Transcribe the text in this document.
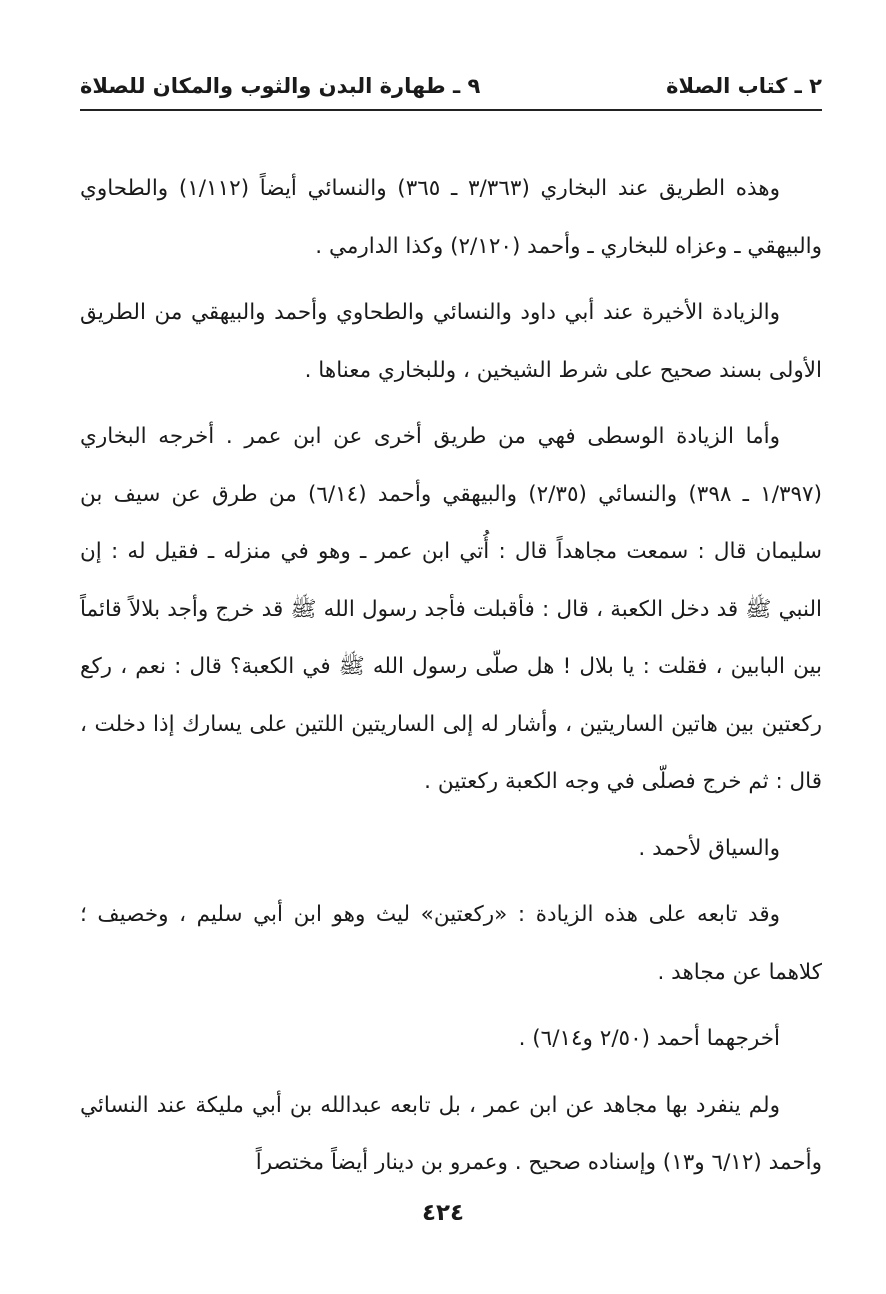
٢ ـ كتاب الصلاة
٩ ـ طهارة البدن والثوب والمكان للصلاة

وهذه الطريق عند البخاري (٣/٣٦٣ ـ ٣٦٥) والنسائي أيضاً (١/١١٢) والطحاوي والبيهقي ـ وعزاه للبخاري ـ وأحمد (٢/١٢٠) وكذا الدارمي .

والزيادة الأخيرة عند أبي داود والنسائي والطحاوي وأحمد والبيهقي من الطريق الأولى بسند صحيح على شرط الشيخين ، وللبخاري معناها .

وأما الزيادة الوسطى فهي من طريق أخرى عن ابن عمر . أخرجه البخاري (١/٣٩٧ ـ ٣٩٨) والنسائي (٢/٣٥) والبيهقي وأحمد (٦/١٤) من طرق عن سيف بن سليمان قال : سمعت مجاهداً قال : أُتي ابن عمر ـ وهو في منزله ـ فقيل له : إن النبي ﷺ قد دخل الكعبة ، قال : فأقبلت فأجد رسول الله ﷺ قد خرج وأجد بلالاً قائماً بين البابين ، فقلت : يا بلال ! هل صلّى رسول الله ﷺ في الكعبة؟ قال : نعم ، ركع ركعتين بين هاتين الساريتين ، وأشار له إلى الساريتين اللتين على يسارك إذا دخلت ، قال : ثم خرج فصلّى في وجه الكعبة ركعتين .

والسياق لأحمد .

وقد تابعه على هذه الزيادة : «ركعتين» ليث وهو ابن أبي سليم ، وخصيف ؛ كلاهما عن مجاهد .

أخرجهما أحمد (٢/٥٠ و٦/١٤) .

ولم ينفرد بها مجاهد عن ابن عمر ، بل تابعه عبدالله بن أبي مليكة عند النسائي وأحمد (٦/١٢ و١٣) وإسناده صحيح . وعمرو بن دينار أيضاً مختصراً

٤٢٤
